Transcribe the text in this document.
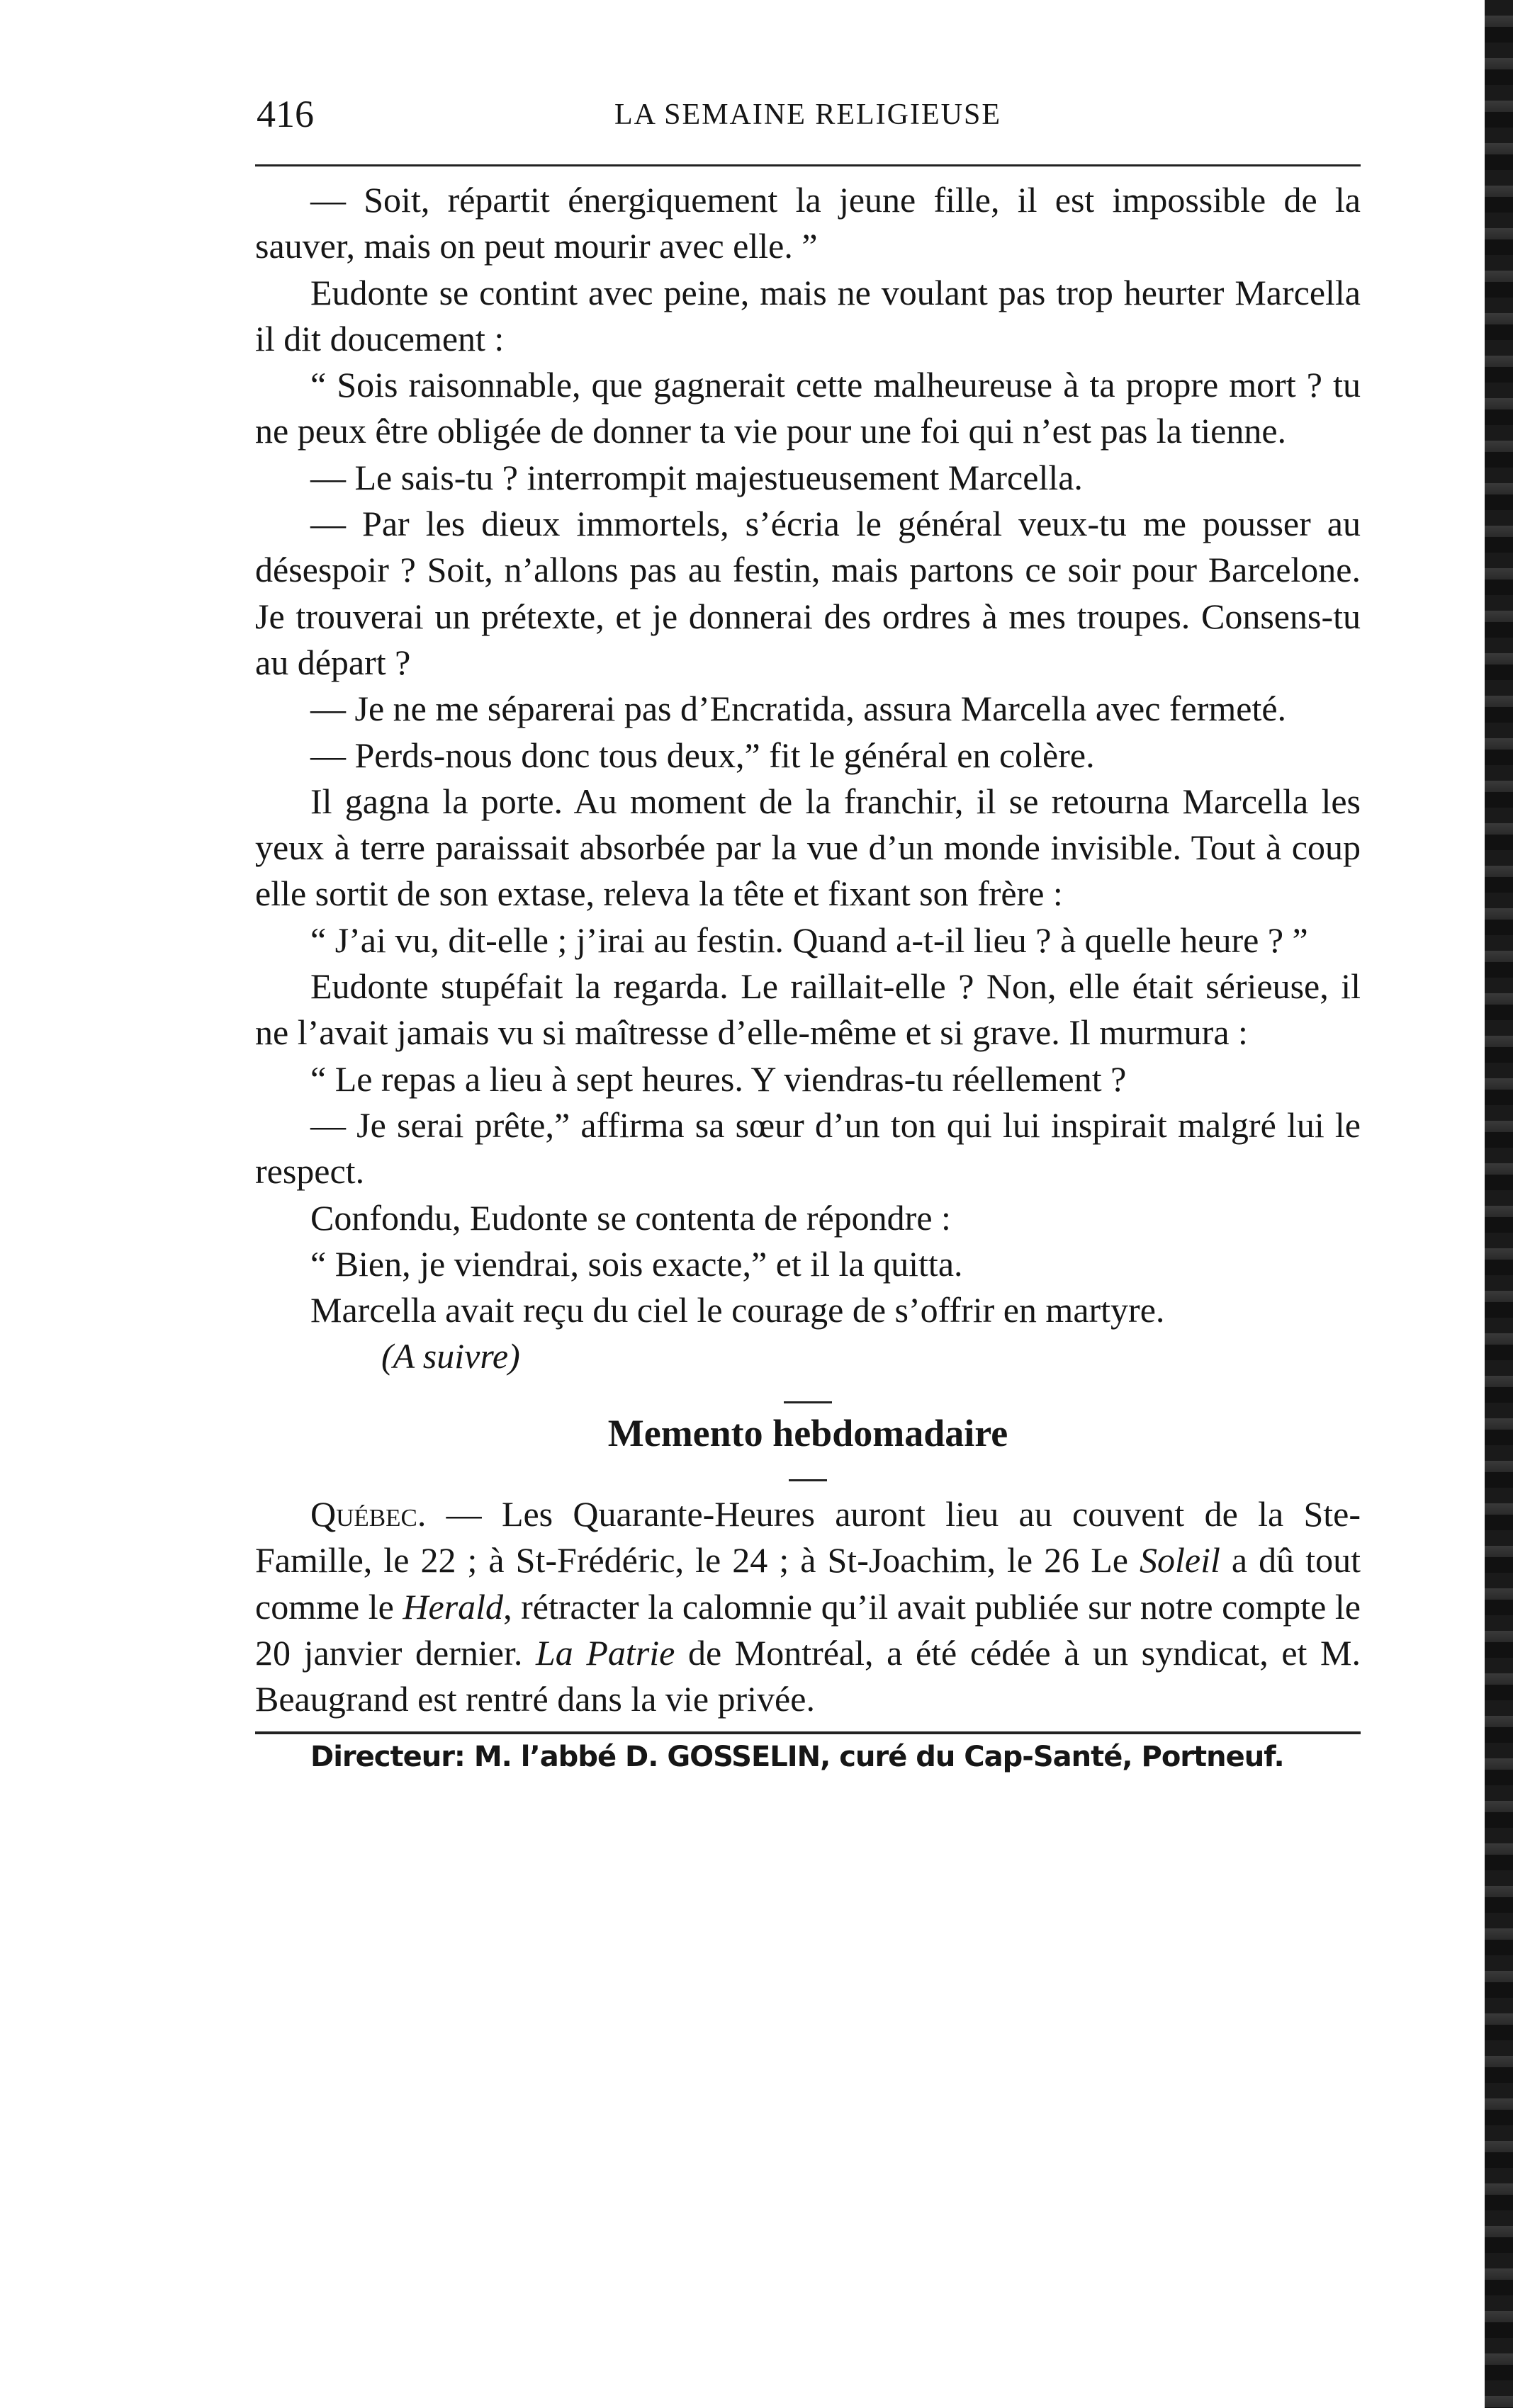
416	LA SEMAINE RELIGIEUSE

— Soit, répartit énergiquement la jeune fille, il est impossible de la sauver, mais on peut mourir avec elle. ”

Eudonte se contint avec peine, mais ne voulant pas trop heurter Marcella il dit doucement :

“ Sois raisonnable, que gagnerait cette malheureuse à ta propre mort ? tu ne peux être obligée de donner ta vie pour une foi qui n’est pas la tienne.

— Le sais-tu ? interrompit majestueusement Marcella.

— Par les dieux immortels, s’écria le général veux-tu me pousser au désespoir ? Soit, n’allons pas au festin, mais partons ce soir pour Barcelone. Je trouverai un prétexte, et je donnerai des ordres à mes troupes. Consens-tu au départ ?

— Je ne me séparerai pas d’Encratida, assura Marcella avec fermeté.

— Perds-nous donc tous deux,” fit le général en colère.

Il gagna la porte. Au moment de la franchir, il se retourna Marcella les yeux à terre paraissait absorbée par la vue d’un monde invisible. Tout à coup elle sortit de son extase, releva la tête et fixant son frère :

“ J’ai vu, dit-elle ; j’irai au festin. Quand a-t-il lieu ? à quelle heure ? ”

Eudonte stupéfait la regarda. Le raillait-elle ? Non, elle était sérieuse, il ne l’avait jamais vu si maîtresse d’elle-même et si grave. Il murmura :

“ Le repas a lieu à sept heures. Y viendras-tu réellement ?

— Je serai prête,” affirma sa sœur d’un ton qui lui inspirait malgré lui le respect.

Confondu, Eudonte se contenta de répondre :

“ Bien, je viendrai, sois exacte,” et il la quitta.

Marcella avait reçu du ciel le courage de s’offrir en martyre.

(A suivre)

Memento hebdomadaire

Québec. — Les Quarante-Heures auront lieu au couvent de la Ste-Famille, le 22 ; à St-Frédéric, le 24 ; à St-Joachim, le 26 Le Soleil a dû tout comme le Herald, rétracter la calomnie qu’il avait publiée sur notre compte le 20 janvier dernier. La Patrie de Montréal, a été cédée à un syndicat, et M. Beaugrand est rentré dans la vie privée.

Directeur: M. l’abbé D. GOSSELIN, curé du Cap-Santé, Portneuf.
